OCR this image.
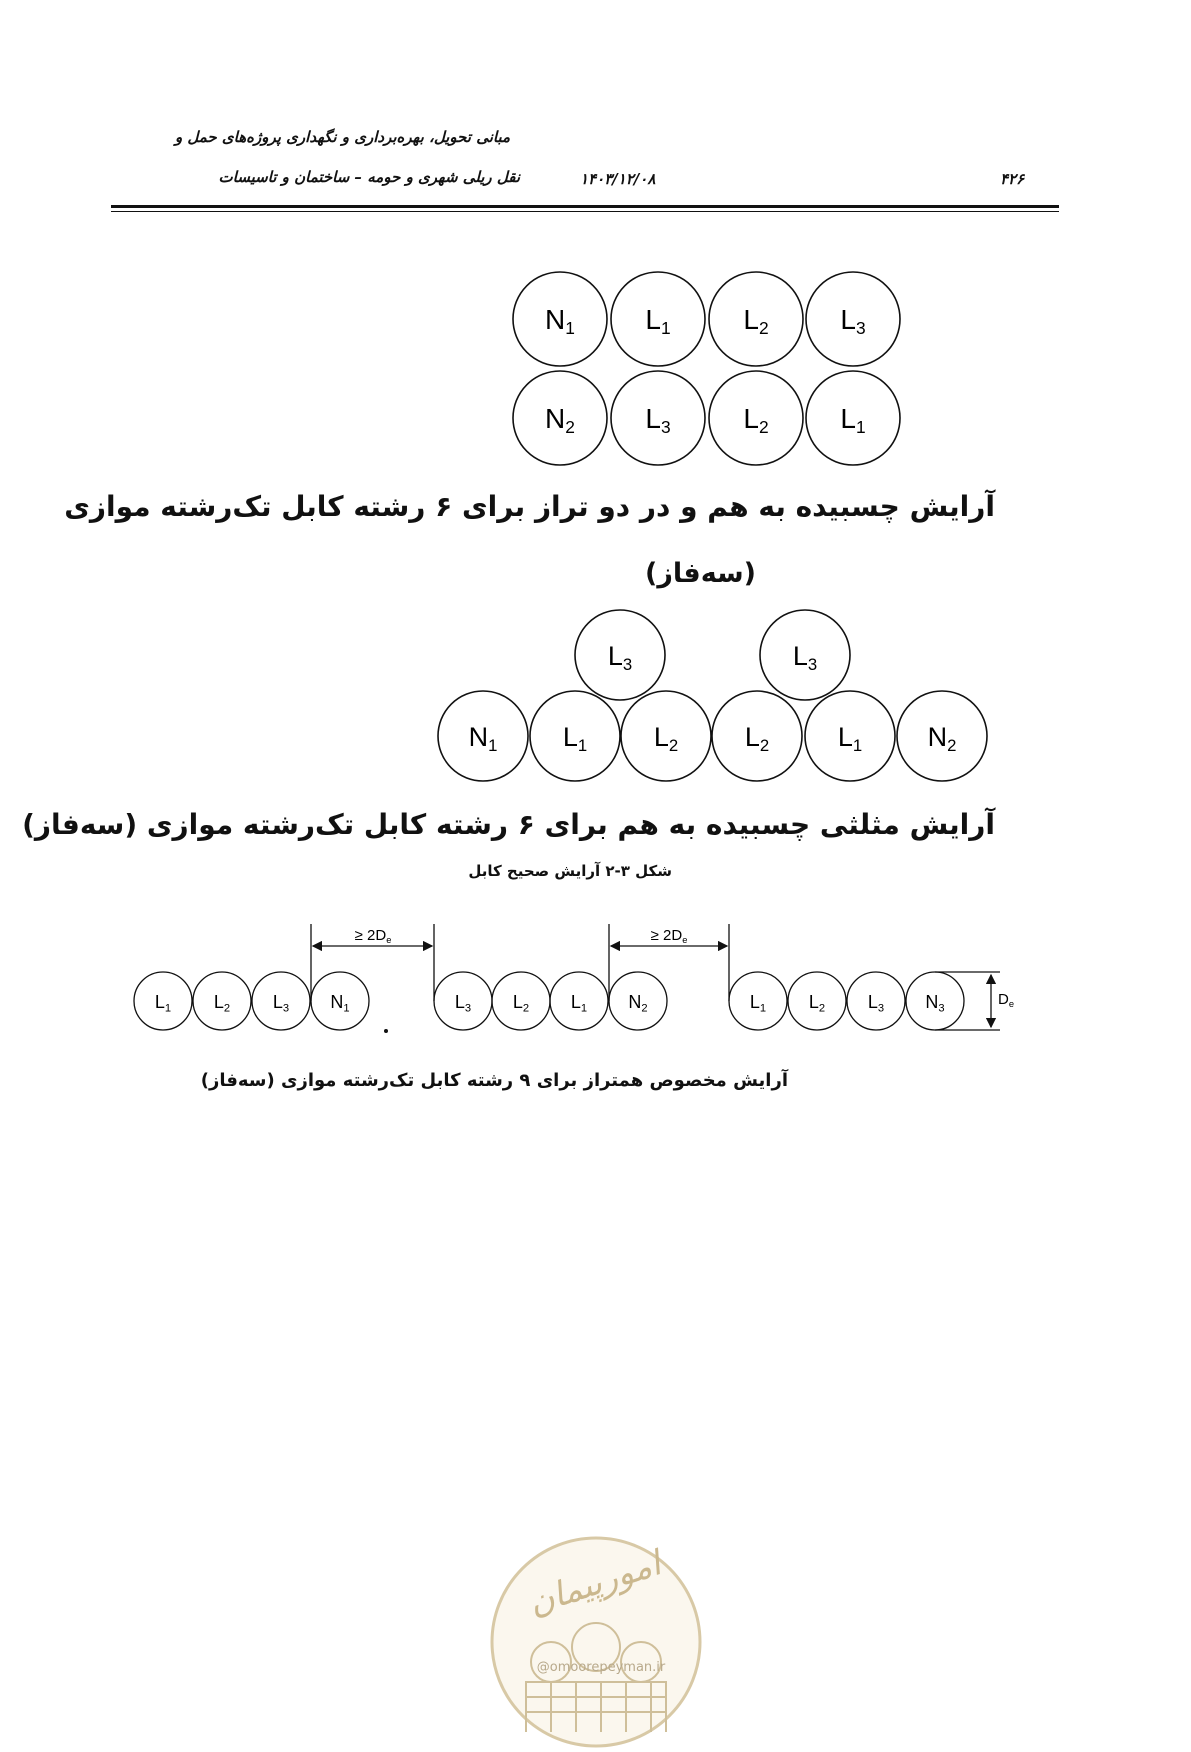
مبانی تحویل، بهره‌برداری و نگهداری پروژه‌های حمل و
نقل ریلی شهری و حومه – ساختمان و تاسیسات	۱۴۰۳/۱۲/۰۸	۴۲۶
N1	L1	L2	L3
N2	L3	L2	L1
L3	L3
N1 L1 L2 L2	L1 N2
L1 L2 L3 N1	L3 L2 L1 N2	L1 L2 L3 N3
≥ 2De	≥ 2De
De
آرایش چسبیده به هم و در دو تراز برای ۶ رشته کابل تک‌رشته موازی
(سه‌فاز)
آرایش مثلثی چسبیده به هم برای ۶ رشته کابل تک‌رشته موازی (سه‌فاز)
شکل ۳-۲ آرایش صحیح کابل
آرایش مخصوص همتراز برای ۹ رشته کابل تک‌رشته موازی (سه‌فاز)
امورپیمان
@omoorepeyman.ir
